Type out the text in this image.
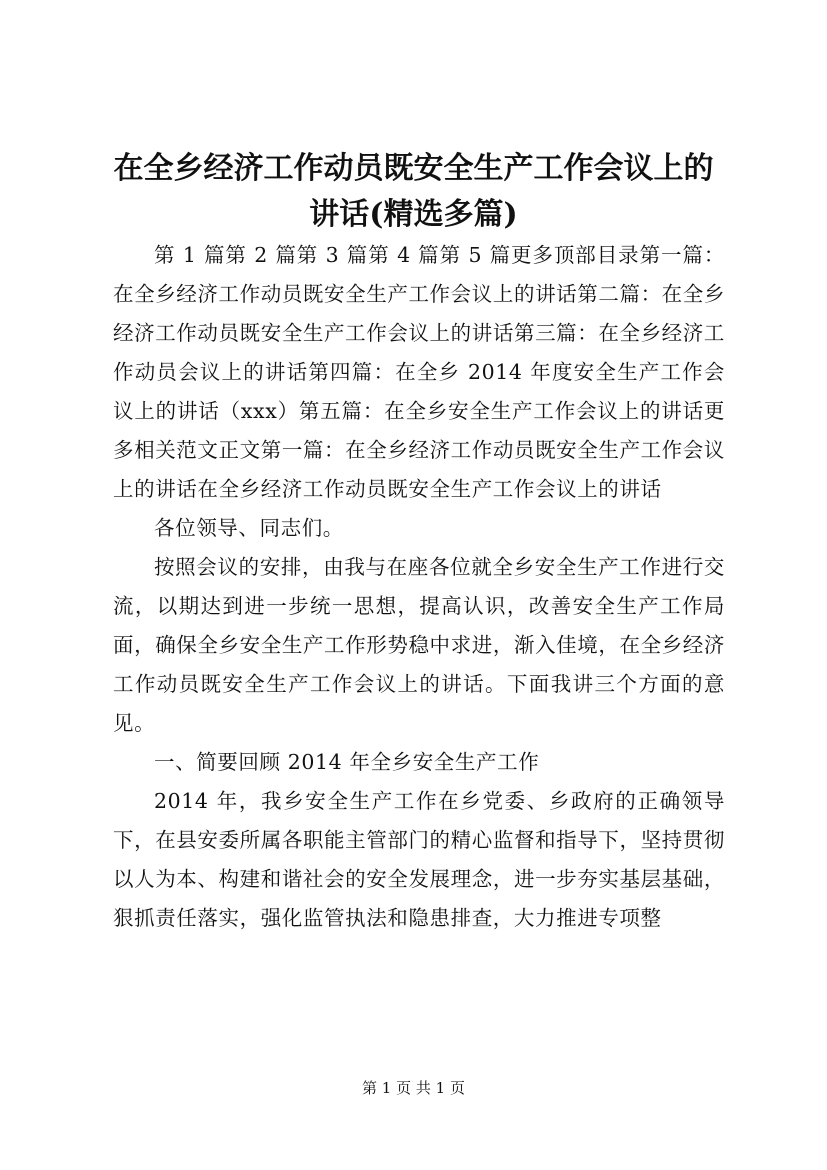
在全乡经济工作动员既安全生产工作会议上的
讲话(精选多篇)

第 1 篇第 2 篇第 3 篇第 4 篇第 5 篇更多顶部目录第一篇：在全乡经济工作动员既安全生产工作会议上的讲话第二篇：在全乡经济工作动员既安全生产工作会议上的讲话第三篇：在全乡经济工作动员会议上的讲话第四篇：在全乡 2014 年度安全生产工作会议上的讲话（xxx）第五篇：在全乡安全生产工作会议上的讲话更多相关范文正文第一篇：在全乡经济工作动员既安全生产工作会议上的讲话在全乡经济工作动员既安全生产工作会议上的讲话

各位领导、同志们。

按照会议的安排，由我与在座各位就全乡安全生产工作进行交流，以期达到进一步统一思想，提高认识，改善安全生产工作局面，确保全乡安全生产工作形势稳中求进，渐入佳境，在全乡经济工作动员既安全生产工作会议上的讲话。下面我讲三个方面的意见。

一、简要回顾 2014 年全乡安全生产工作

2014 年，我乡安全生产工作在乡党委、乡政府的正确领导下，在县安委所属各职能主管部门的精心监督和指导下，坚持贯彻以人为本、构建和谐社会的安全发展理念，进一步夯实基层基础，狠抓责任落实，强化监管执法和隐患排查，大力推进专项整

第 1 页 共 1 页
